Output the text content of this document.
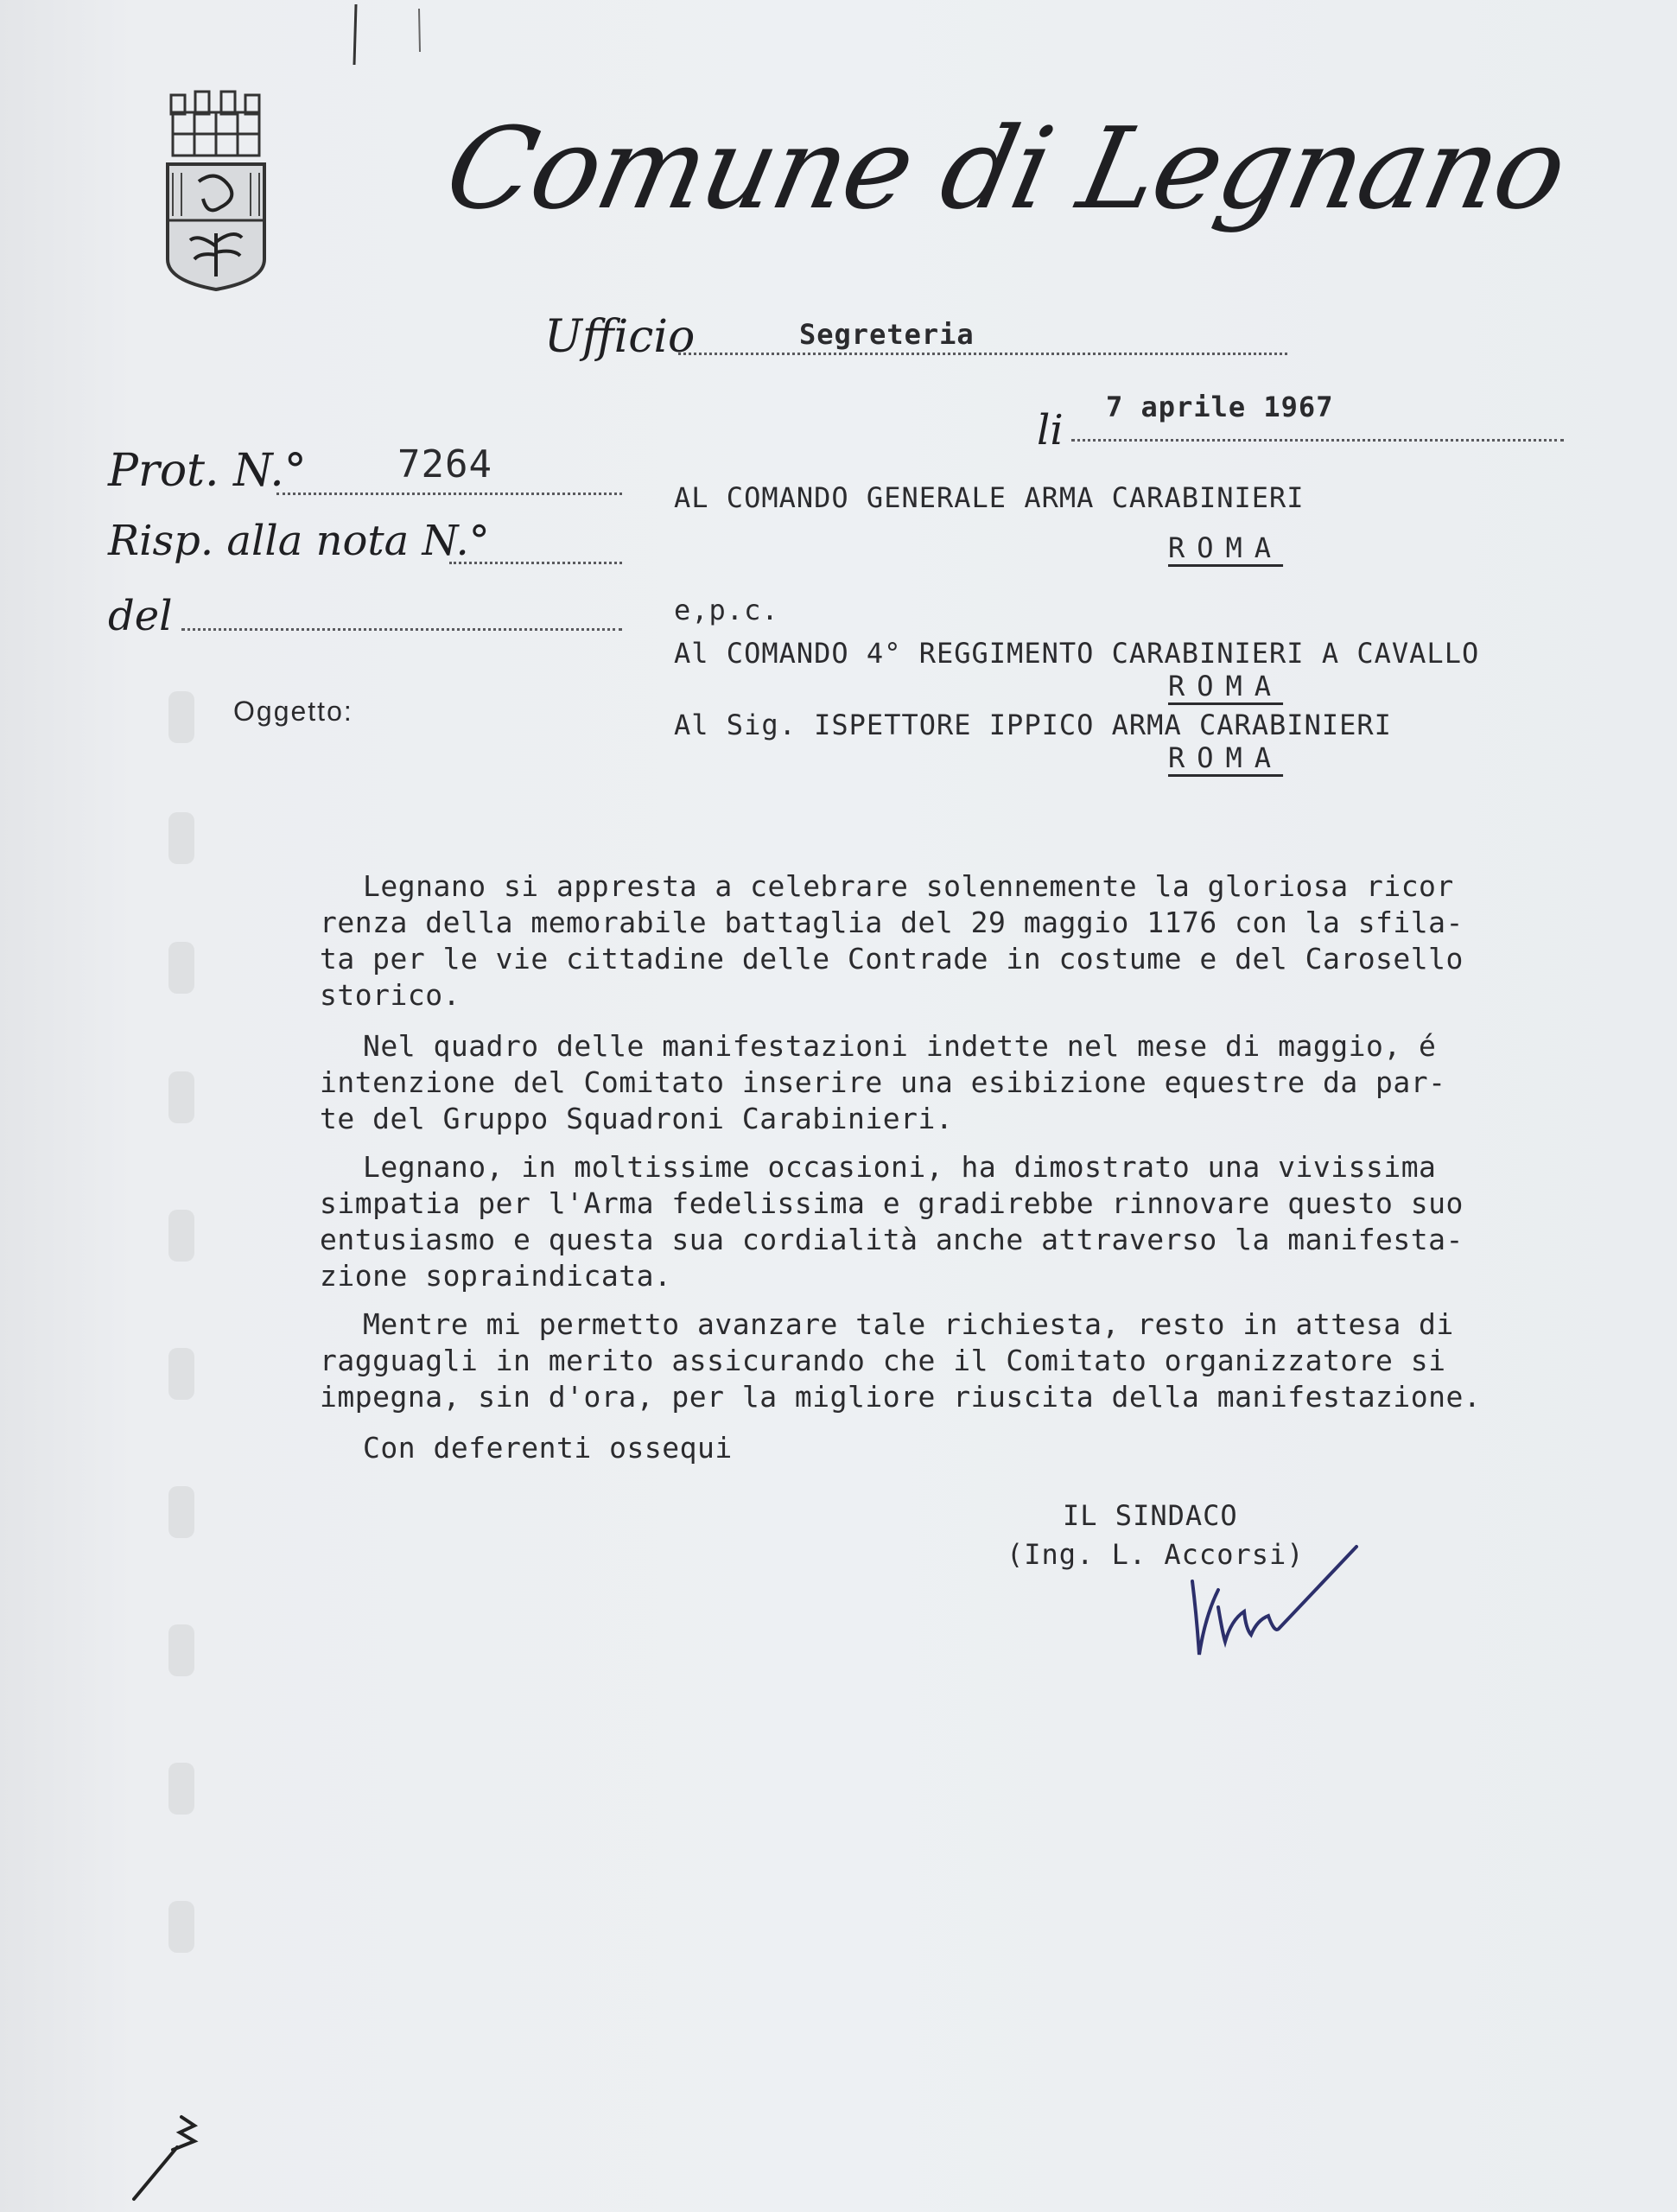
Comune di Legnano
Ufficio	Segreteria
li 7 aprile 1967
Prot. N.° 7264
Risp. alla nota N.°
del
Oggetto:
AL COMANDO GENERALE ARMA CARABINIERI
ROMA
e,p.c.
Al COMANDO 4° REGGIMENTO CARABINIERI A CAVALLO
ROMA
Al Sig. ISPETTORE IPPICO ARMA CARABINIERI
ROMA
Legnano si appresta a celebrare solennemente la gloriosa ricor
renza della memorabile battaglia del 29 maggio 1176 con la sfila-
ta per le vie cittadine delle Contrade in costume e del Carosello
storico.
Nel quadro delle manifestazioni indette nel mese di maggio, é
intenzione del Comitato inserire una esibizione equestre da par-
te del Gruppo Squadroni Carabinieri.
Legnano, in moltissime occasioni, ha dimostrato una vivissima
simpatia per l'Arma fedelissima e gradirebbe rinnovare questo suo
entusiasmo e questa sua cordialità anche attraverso la manifesta-
zione sopraindicata.
Mentre mi permetto avanzare tale richiesta, resto in attesa di
ragguagli in merito assicurando che il Comitato organizzatore si
impegna, sin d'ora, per la migliore riuscita della manifestazione.
Con deferenti ossequi
IL SINDACO
(Ing. L. Accorsi)
